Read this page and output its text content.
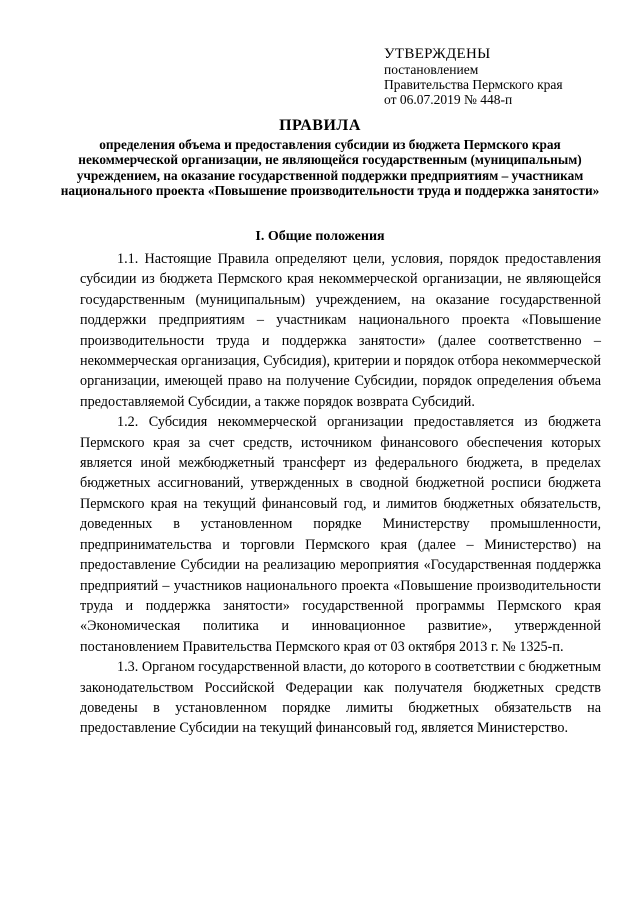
УТВЕРЖДЕНЫ
постановлением
Правительства Пермского края
от 06.07.2019 № 448-п
ПРАВИЛА
определения объема и предоставления субсидии из бюджета Пермского края некоммерческой организации, не являющейся государственным (муниципальным) учреждением, на оказание государственной поддержки предприятиям – участникам национального проекта «Повышение производительности труда и поддержка занятости»
I. Общие положения

1.1. Настоящие Правила определяют цели, условия, порядок предоставления субсидии из бюджета Пермского края некоммерческой организации, не являющейся государственным (муниципальным) учреждением, на оказание государственной поддержки предприятиям – участникам национального проекта «Повышение производительности труда и поддержка занятости» (далее соответственно – некоммерческая организация, Субсидия), критерии и порядок отбора некоммерческой организации, имеющей право на получение Субсидии, порядок определения объема предоставляемой Субсидии, а также порядок возврата Субсидий.

1.2. Субсидия некоммерческой организации предоставляется из бюджета Пермского края за счет средств, источником финансового обеспечения которых является иной межбюджетный трансферт из федерального бюджета, в пределах бюджетных ассигнований, утвержденных в сводной бюджетной росписи бюджета Пермского края на текущий финансовый год, и лимитов бюджетных обязательств, доведенных в установленном порядке Министерству промышленности, предпринимательства и торговли Пермского края (далее – Министерство) на предоставление Субсидии на реализацию мероприятия «Государственная поддержка предприятий – участников национального проекта «Повышение производительности труда и поддержка занятости» государственной программы Пермского края «Экономическая политика и инновационное развитие», утвержденной постановлением Правительства Пермского края от 03 октября 2013 г. № 1325-п.

1.3. Органом государственной власти, до которого в соответствии с бюджетным законодательством Российской Федерации как получателя бюджетных средств доведены в установленном порядке лимиты бюджетных обязательств на предоставление Субсидии на текущий финансовый год, является Министерство.
